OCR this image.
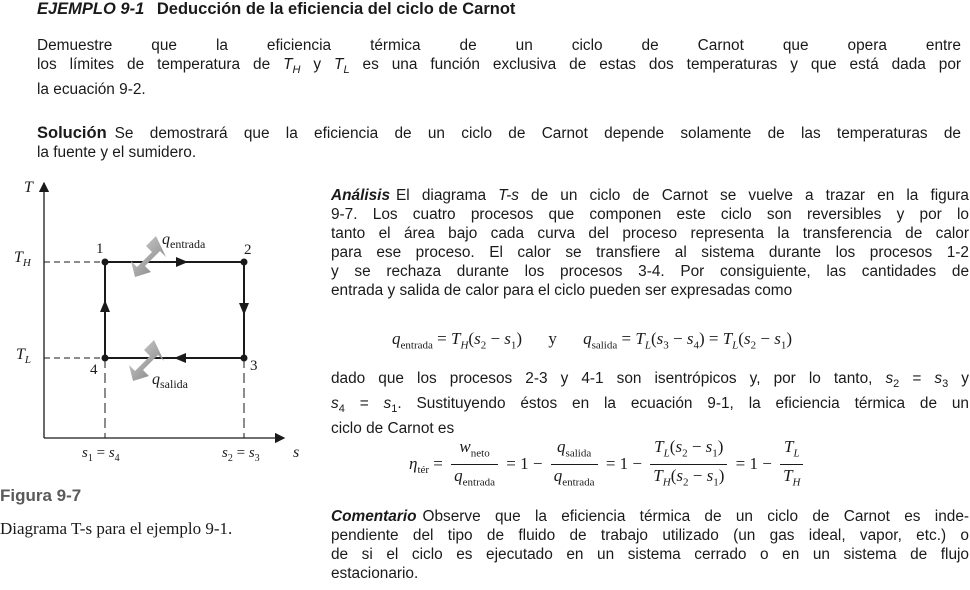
EJEMPLO 9-1 Deducción de la eficiencia del ciclo de Carnot
Demuestre que la eficiencia térmica de un ciclo de Carnot que opera entre
los límites de temperatura de $T_H$ y $T_L$ es una función exclusiva de estas dos temperaturas y que está dada por
la ecuación 9-2.
Solución Se demostrará que la eficiencia de un ciclo de Carnot depende solamente de las temperaturas de
la fuente y el sumidero.
T
s
1	2
3
4
$T_H$
$T_L$
$q_{entrada}$
$q_{salida}$
$s_1 = s_4$	$s_2 = s_3$
Figura 9-7
Diagrama T-s para el ejemplo 9-1.
Análisis El diagrama T-s de un ciclo de Carnot se vuelve a trazar en la figura
9-7. Los cuatro procesos que componen este ciclo son reversibles y por lo
tanto el área bajo cada curva del proceso representa la transferencia de calor
para ese proceso. El calor se transfiere al sistema durante los procesos 1-2
y se rechaza durante los procesos 3-4. Por consiguiente, las cantidades de
entrada y salida de calor para el ciclo pueden ser expresadas como
$q_{entrada} = T_H(s_2 - s_1)$ y $q_{salida} = T_L(s_3 - s_4) = T_L(s_2 - s_1)$
dado que los procesos 2-3 y 4-1 son isentrópicos y, por lo tanto, $s_2 = s_3$ y
$s_4 = s_1$. Sustituyendo éstos en la ecuación 9-1, la eficiencia térmica de un
ciclo de Carnot es
$\eta_{tér} = \frac{w_{neto}}{q_{entrada}} = 1 - \frac{q_{salida}}{q_{entrada}} = 1 - \frac{T_L(s_2 - s_1)}{T_H(s_2 - s_1)} = 1 - \frac{T_L}{T_H}$
Comentario Observe que la eficiencia térmica de un ciclo de Carnot es inde-
pendiente del tipo de fluido de trabajo utilizado (un gas ideal, vapor, etc.) o
de si el ciclo es ejecutado en un sistema cerrado o en un sistema de flujo
estacionario.
